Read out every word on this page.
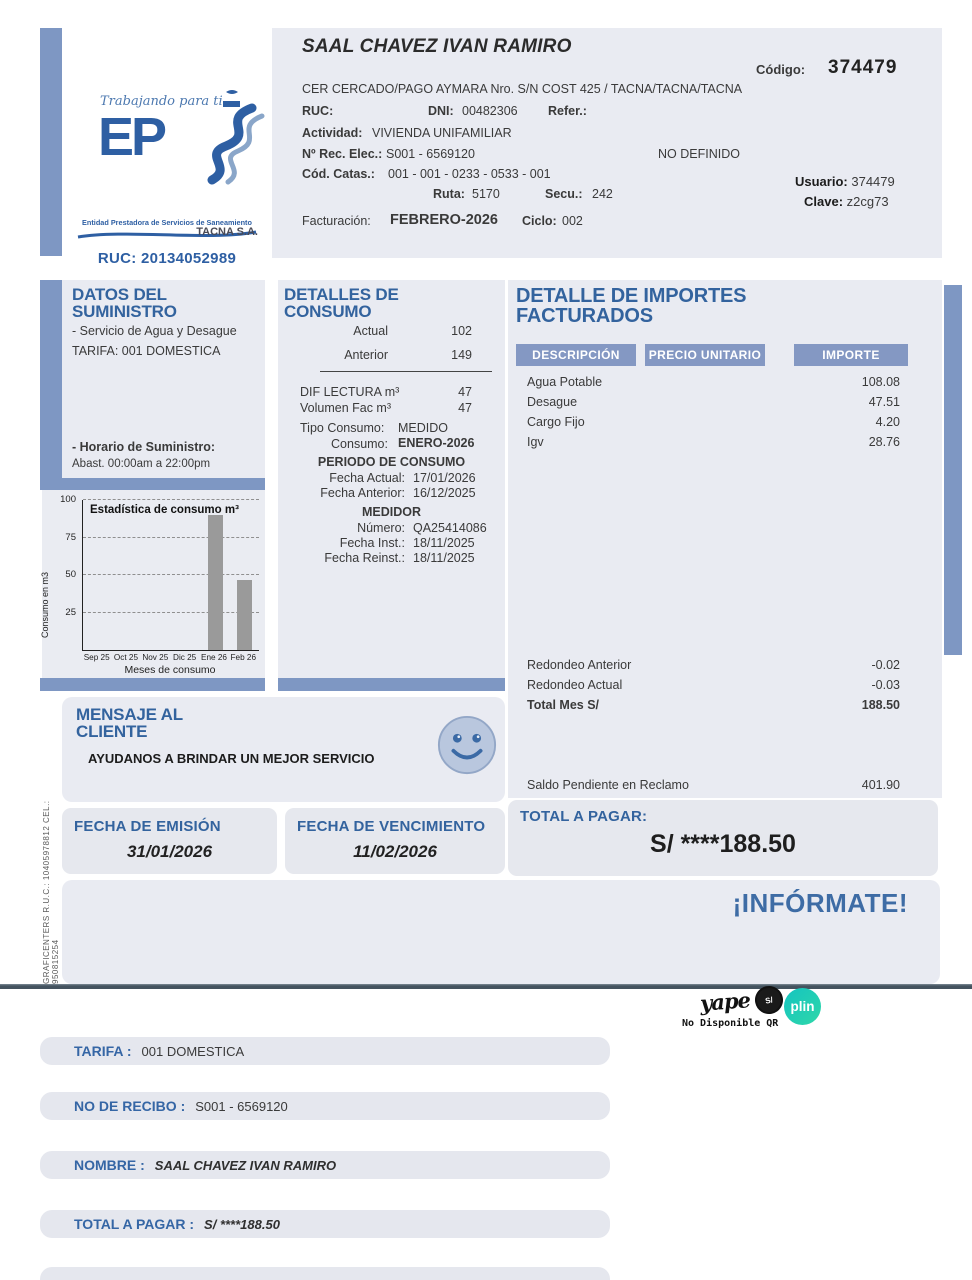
Trabajando para ti
EP
Entidad Prestadora de Servicios de Saneamiento
TACNA S.A.
RUC: 20134052989
SAAL CHAVEZ IVAN RAMIRO
Código: 374479
CER CERCADO/PAGO AYMARA Nro. S/N COST 425 / TACNA/TACNA/TACNA
RUC:	DNI: 00482306 Refer.:
Actividad: VIVIENDA UNIFAMILIAR
Nº Rec. Elec.: S001 - 6569120	NO DEFINIDO
Cód. Catas.: 001 - 001 - 0233 - 0533 - 001
Ruta: 5170	Secu.: 242
Usuario: 374479
Clave: z2cg73
Facturación: FEBRERO-2026 Ciclo: 002
DATOS DEL SUMINISTRO
- Servicio de Agua y Desague
TARIFA: 001 DOMESTICA
- Horario de Suministro:
Abast. 00:00am a 22:00pm
Consumo en m3 25
50
75
100
Estadística de consumo m³
Sep 25 Oct 25 Nov 25 Dic 25 Ene 26 Feb 26
Meses de consumo
DETALLES DE CONSUMO
Actual	102
Anterior	149
DIF LECTURA m³	47
Volumen Fac m³	47
Tipo Consumo: MEDIDO
Consumo: ENERO-2026
PERIODO DE CONSUMO
Fecha Actual: 17/01/2026
Fecha Anterior: 16/12/2025
MEDIDOR
Número: QA25414086
Fecha Inst.: 18/11/2025
Fecha Reinst.: 18/11/2025
DETALLE DE IMPORTES FACTURADOS
DESCRIPCIÓN	PRECIO UNITARIO	IMPORTE
Agua Potable	108.08
Desague	47.51
Cargo Fijo	4.20
Igv	28.76
Redondeo Anterior	-0.02
Redondeo Actual	-0.03
Total Mes S/	188.50
Saldo Pendiente en Reclamo	401.90
MENSAJE AL CLIENTE
AYUDANOS A BRINDAR UN MEJOR SERVICIO
FECHA DE EMISIÓN
31/01/2026
FECHA DE VENCIMIENTO
11/02/2026
TOTAL A PAGAR:
S/ ****188.50
¡INFÓRMATE!
GRAFICENTERS R.U.C.: 10405978812 CEL.: 950815254
yape	S/	plin
No Disponible QR
TARIFA : 001 DOMESTICA
NO DE RECIBO : S001 - 6569120
NOMBRE : SAAL CHAVEZ IVAN RAMIRO
TOTAL A PAGAR : S/ ****188.50
